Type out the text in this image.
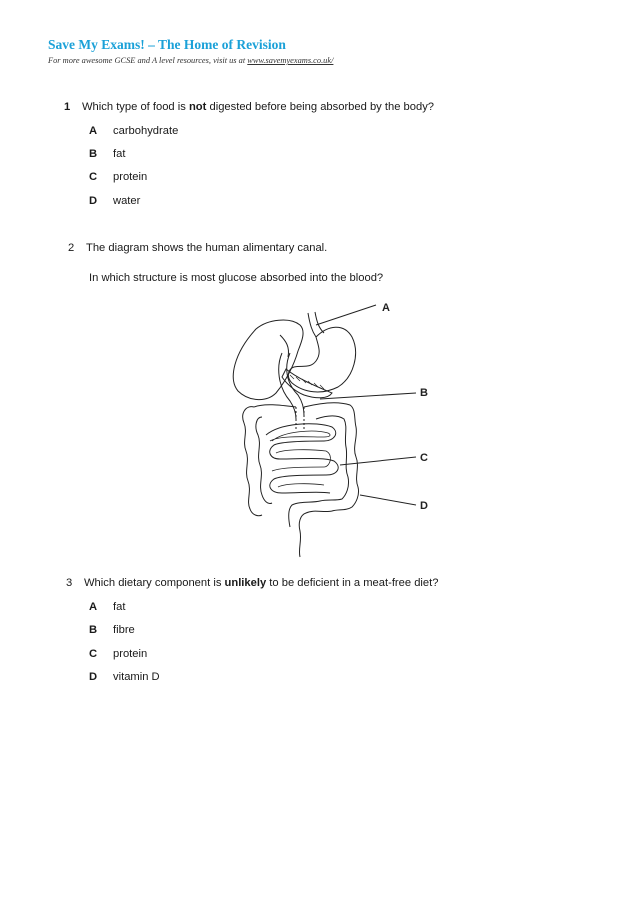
Save My Exams! – The Home of Revision
For more awesome GCSE and A level resources, visit us at www.savemyexams.co.uk/
1 Which type of food is not digested before being absorbed by the body?
A carbohydrate
B fat
C protein
D water
2 The diagram shows the human alimentary canal.
In which structure is most glucose absorbed into the blood?
A
B
C
D
3 Which dietary component is unlikely to be deficient in a meat-free diet?
A fat
B fibre
C protein
D vitamin D
